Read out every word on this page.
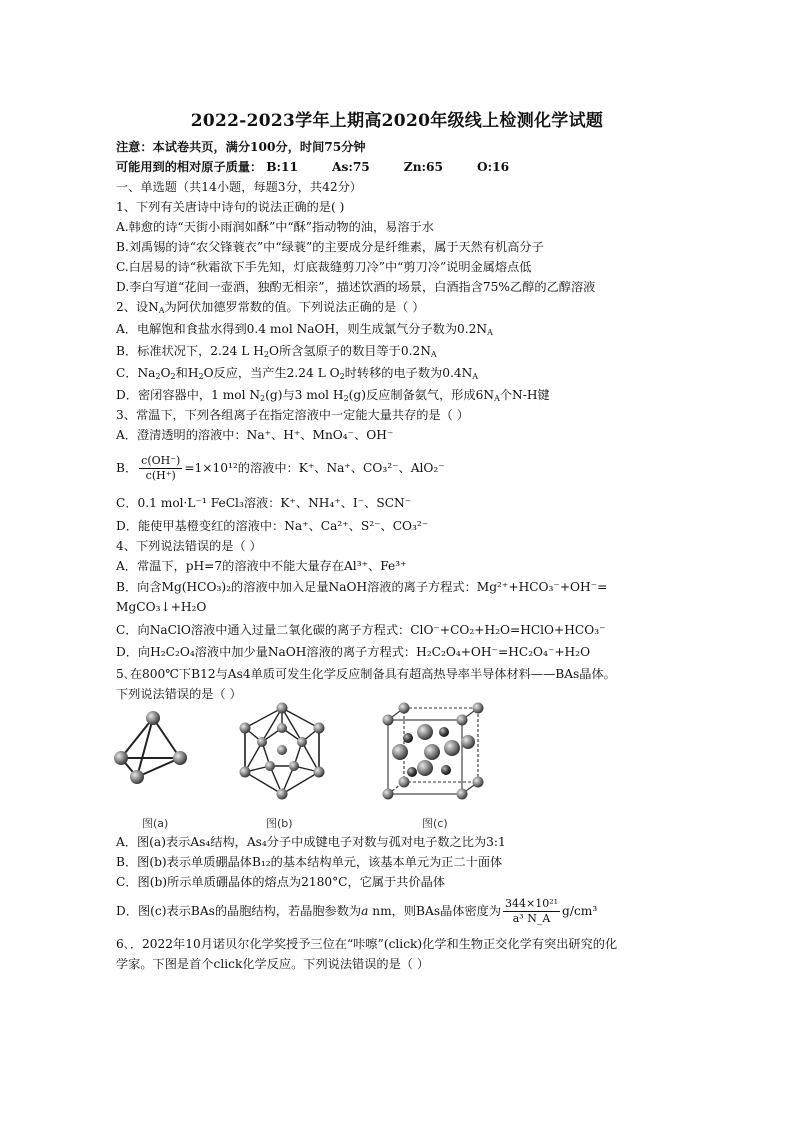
2022-2023学年上期高2020年级线上检测化学试题
注意：本试卷共页，满分100分，时间75分钟
可能用到的相对原子质量： B:11	As:75	Zn:65	O:16
一、单选题（共14小题，每题3分，共42分）
1、下列有关唐诗中诗句的说法正确的是( )
A.韩愈的诗“天街小雨润如酥”中“酥”指动物的油，易溶于水
B.刘禹锡的诗“农父锋蓑衣”中“绿蓑”的主要成分是纤维素，属于天然有机高分子
C.白居易的诗“秋霜欲下手先知，灯底裁缝剪刀冷”中“剪刀冷”说明金属熔点低
D.李白写道“花间一壶酒，独酌无相亲”，描述饮酒的场景，白酒指含75%乙醇的乙醇溶液
2、设$N_A$为阿伏加德罗常数的值。下列说法正确的是（ ）
A．电解饱和食盐水得到0.4 mol NaOH，则生成氯气分子数为$0.2N_A$
B．标准状况下，2.24 L $H_2O$所含氢原子的数目等于$0.2N_A$
C．$Na_2O_2$和$H_2O$反应，当产生2.24 L $O_2$时转移的电子数为$0.4N_A$
D．密闭容器中，1 mol $N_2(g)$与3 mol $H_2(g)$反应制备氨气，形成$6N_A$个N-H键
3、常温下，下列各组离子在指定溶液中一定能大量共存的是（ ）
A．澄清透明的溶液中：Na⁺、H⁺、MnO₄⁻、OH⁻
B． $\frac{c(OH^-)}{c(H^+)} =1\times 10^{12}$的溶液中：K⁺、Na⁺、CO₃²⁻、AlO₂⁻
C．0.1 mol·L⁻¹ FeCl₃溶液：K⁺、NH₄⁺、I⁻、SCN⁻
D．能使甲基橙变红的溶液中：Na⁺、Ca²⁺、S²⁻、CO₃²⁻
4、下列说法错误的是（ ）
A．常温下，pH=7的溶液中不能大量存在Al³⁺、Fe³⁺
B．向含Mg(HCO₃)₂的溶液中加入足量NaOH溶液的离子方程式：Mg²⁺+HCO₃⁻+OH⁻=
MgCO₃↓+H₂O
C．向NaClO溶液中通入过量二氧化碳的离子方程式：ClO⁻+CO₂+H₂O=HClO+HCO₃⁻
D．向H₂C₂O₄溶液中加少量NaOH溶液的离子方程式：H₂C₂O₄+OH⁻=HC₂O₄⁻+H₂O
5､在800℃下B12与As4单质可发生化学反应制备具有超高热导率半导体材料——BAs晶体。
下列说法错误的是（ ）
图(a)	图(b)	图(c)
A．图(a)表示As₄结构，As₄分子中成键电子对数与孤对电子数之比为3:1
B．图(b)表示单质硼晶体B₁₂的基本结构单元，该基本单元为正二十面体
C．图(b)所示单质硼晶体的熔点为2180°C，它属于共价晶体
D．图(c)表示BAs的晶胞结构，若晶胞参数为a nm，则BAs晶体密度为 $\frac{\text{344×10²¹}}{\text{a³ N\_A}} g/cm^3$
6､．2022年10月诺贝尔化学奖授予三位在“咔嚓”(click)化学和生物正交化学有突出研究的化
学家。下图是首个click化学反应。下列说法错误的是（ ）
